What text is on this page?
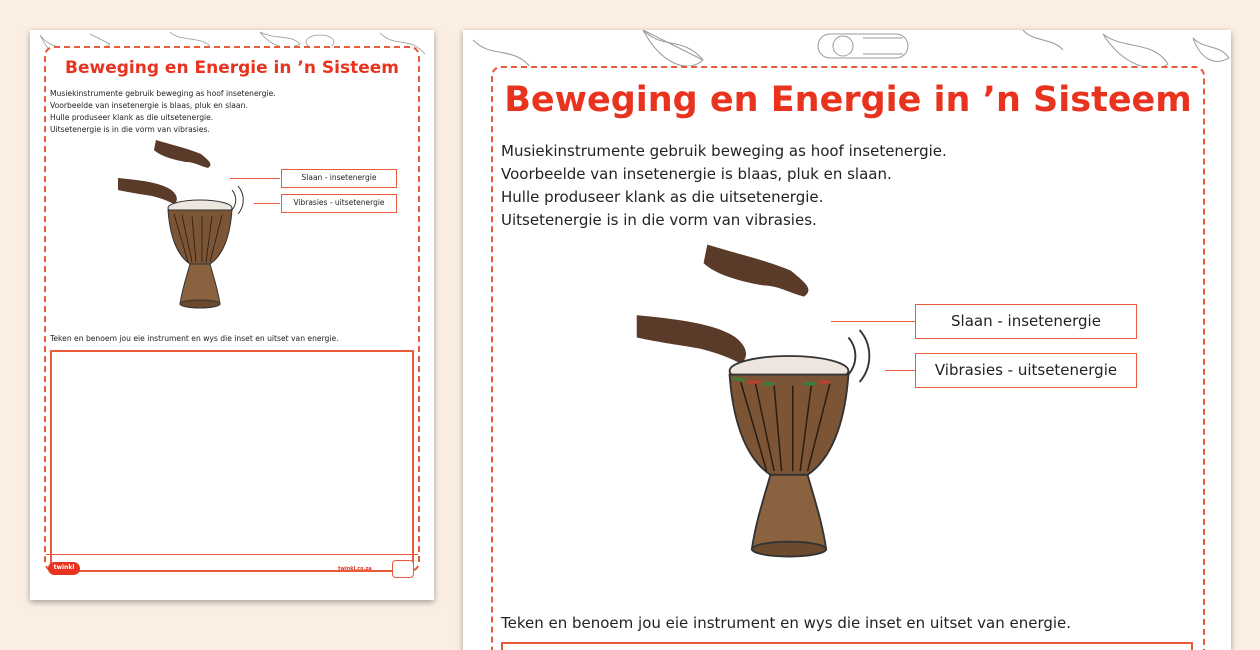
Beweging en Energie in ’n Sisteem
Musiekinstrumente gebruik beweging as hoof insetenergie.
Voorbeelde van insetenergie is blaas, pluk en slaan.
Hulle produseer klank as die uitsetenergie.
Uitsetenergie is in die vorm van vibrasies.
Slaan - insetenergie
Vibrasies - uitsetenergie

Teken en benoem jou eie instrument en wys die inset en uitset van energie.

twinkl	twinkl.co.za
Beweging en Energie in ’n Sisteem
Musiekinstrumente gebruik beweging as hoof insetenergie.
Voorbeelde van insetenergie is blaas, pluk en slaan.
Hulle produseer klank as die uitsetenergie.
Uitsetenergie is in die vorm van vibrasies.
Slaan - insetenergie
Vibrasies - uitsetenergie

Teken en benoem jou eie instrument en wys die inset en uitset van energie.
